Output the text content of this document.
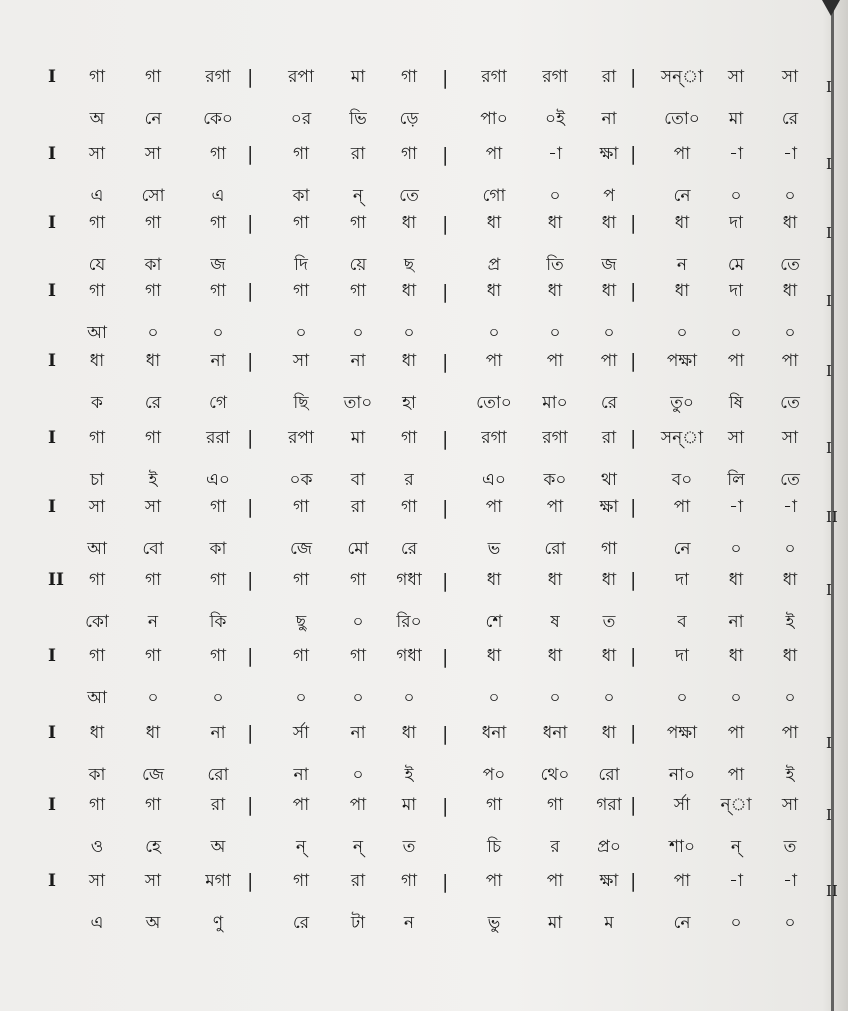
I	গা	গা	রগা	রপা	মা	গা	রগা	রগা	রা	সন্া	সা	সা
|	|	|	I
অ	নে	কে০	০র	ভি	ড়ে	পা০	০ই	না	তো০	মা	রে
I	সা	সা	গা	গা	রা	গা	পা	-া	ক্ষা	পা	-া	-া
|	|	|	I
এ	সো	এ	কা	ন্	তে	গো	০	প	নে	০	০
I	গা	গা	গা	গা	গা	ধা	ধা	ধা	ধা	ধা	দা	ধা
|	|	|	I
যে	কা	জ	দি	য়ে	ছ	প্র	তি	জ	ন	মে	তে
I	গা	গা	গা	গা	গা	ধা	ধা	ধা	ধা	ধা	দা	ধা
|	|	|	I
আ	০	০	০	০	০	০	০	০	০	০	০
I	ধা	ধা	না	সা	না	ধা	পা	পা	পা	পক্ষা	পা	পা
|	|	|	I
ক	রে	গে	ছি	তা০	হা	তো০	মা০	রে	তু০	ষি	তে
I	গা	গা	ররা	রপা	মা	গা	রগা	রগা	রা	সন্া	সা	সা
|	|	|	I
চা	ই	এ০	০ক	বা	র	এ০	ক০	থা	ব০	লি	তে
I	সা	সা	গা	গা	রা	গা	পা	পা	ক্ষা	পা	-া	-া
|	|	|	II
আ	বো	কা	জে	মো	রে	ভ	রো	গা	নে	০	০
II	গা	গা	গা	গা	গা	গধা	ধা	ধা	ধা	দা	ধা	ধা
|	|	|	I
কো	ন	কি	ছু	০	রি০	শে	ষ	ত	ব	না	ই
I	গা	গা	গা	গা	গা	গধা	ধা	ধা	ধা	দা	ধা	ধা
|	|	|
আ	০	০	০	০	০	০	০	০	০	০	০
I	ধা	ধা	না	র্সা	না	ধা	ধনা	ধনা	ধা	পক্ষা	পা	পা
|	|	|	I
কা	জে	রো	না	০	ই	প০	থে০	রো	না০	পা	ই
I	গা	গা	রা	পা	পা	মা	গা	গা	গরা	র্সা	ন্া	সা
|	|	|	I
ও	হে	অ	ন্	ন্	ত	চি	র	প্র০	শা০	ন্	ত
I	সা	সা	মগা	গা	রা	গা	পা	পা	ক্ষা	পা	-া	-া
|	|	|	II
এ	অ	ণু	রে	টা	ন	ভু	মা	ম	নে	০	০
